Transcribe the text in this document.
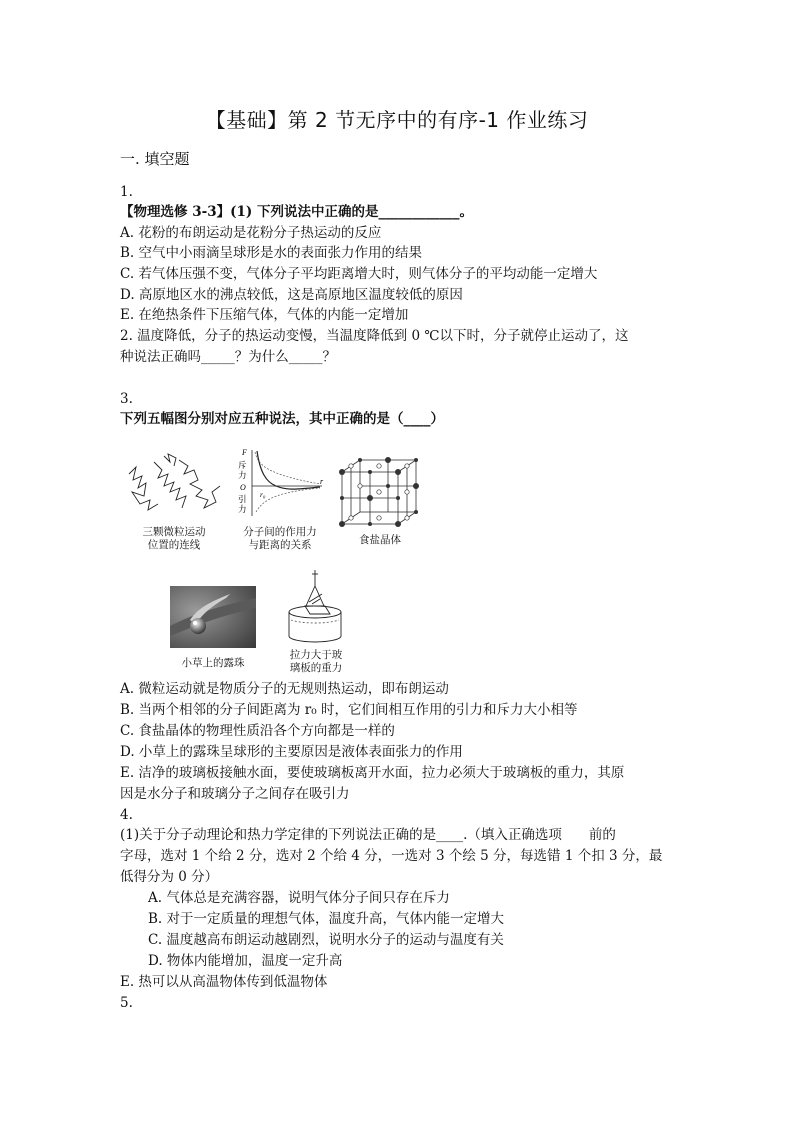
【基础】第 2 节无序中的有序-1 作业练习
一. 填空题
1.
【物理选修 3-3】(1) 下列说法中正确的是____________。
A. 花粉的布朗运动是花粉分子热运动的反应
B. 空气中小雨滴呈球形是水的表面张力作用的结果
C. 若气体压强不变，气体分子平均距离增大时，则气体分子的平均动能一定增大
D. 高原地区水的沸点较低，这是高原地区温度较低的原因
E. 在绝热条件下压缩气体，气体的内能一定增加
2. 温度降低，分子的热运动变慢，当温度降低到 0 ℃以下时，分子就停止运动了，这
种说法正确吗_____？为什么_____？
3.
下列五幅图分别对应五种说法，其中正确的是（____）
三颗微粒运动
位置的连线
F
斥
力
O
引
力
r₀
r
分子间的作用力
与距离的关系	食盐晶体
小草上的露珠
拉力大于玻
璃板的重力
A. 微粒运动就是物质分子的无规则热运动，即布朗运动
B. 当两个相邻的分子间距离为 r₀ 时，它们间相互作用的引力和斥力大小相等
C. 食盐晶体的物理性质沿各个方向都是一样的
D. 小草上的露珠呈球形的主要原因是液体表面张力的作用
E. 洁净的玻璃板接触水面，要使玻璃板离开水面，拉力必须大于玻璃板的重力，其原
因是水分子和玻璃分子之间存在吸引力
4.
(1)关于分子动理论和热力学定律的下列说法正确的是____.（填入正确选项　　前的
字母，选对 1 个给 2 分，选对 2 个给 4 分，一选对 3 个绘 5 分，每选错 1 个扣 3 分，最
低得分为 0 分）
A. 气体总是充满容器，说明气体分子间只存在斥力
B. 对于一定质量的理想气体，温度升高，气体内能一定增大
C. 温度越高布朗运动越剧烈，说明水分子的运动与温度有关
D. 物体内能增加，温度一定升高
E. 热可以从高温物体传到低温物体
5.
